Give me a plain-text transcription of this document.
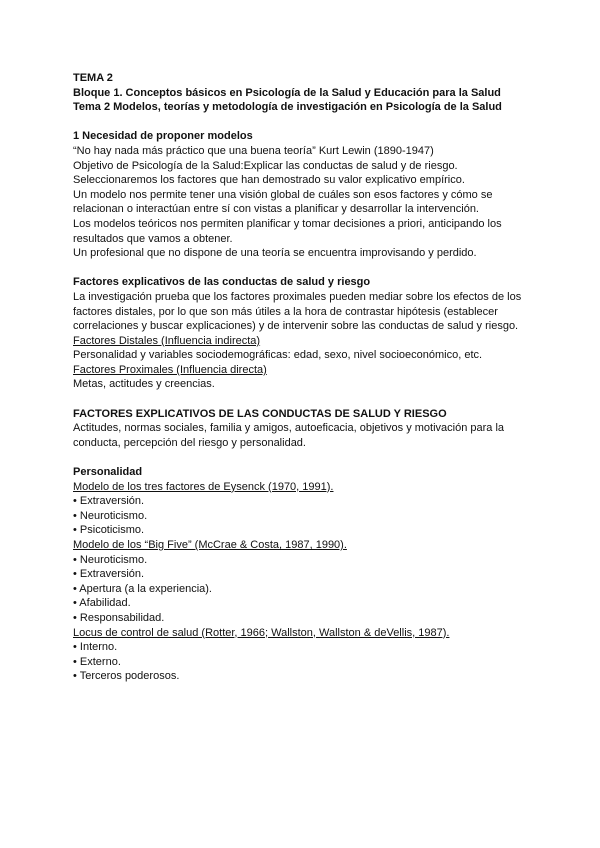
TEMA 2
Bloque 1. Conceptos básicos en Psicología de la Salud y Educación para la Salud
Tema 2 Modelos, teorías y metodología de investigación en Psicología de la Salud
1 Necesidad de proponer modelos
“No hay nada más práctico que una buena teoría” Kurt Lewin (1890-1947)
Objetivo de Psicología de la Salud:Explicar las conductas de salud y de riesgo.
Seleccionaremos los factores que han demostrado su valor explicativo empírico.
Un modelo nos permite tener una visión global de cuáles son esos factores y cómo se
relacionan o interactúan entre sí con vistas a planificar y desarrollar la intervención.
Los modelos teóricos nos permiten planificar y tomar decisiones a priori, anticipando los
resultados que vamos a obtener.
Un profesional que no dispone de una teoría se encuentra improvisando y perdido.
Factores explicativos de las conductas de salud y riesgo
La investigación prueba que los factores proximales pueden mediar sobre los efectos de los
factores distales, por lo que son más útiles a la hora de contrastar hipótesis (establecer
correlaciones y buscar explicaciones) y de intervenir sobre las conductas de salud y riesgo.
Factores Distales (Influencia indirecta)
Personalidad y variables sociodemográficas: edad, sexo, nivel socioeconómico, etc.
Factores Proximales (Influencia directa)
Metas, actitudes y creencias.
FACTORES EXPLICATIVOS DE LAS CONDUCTAS DE SALUD Y RIESGO
Actitudes, normas sociales, familia y amigos, autoeficacia, objetivos y motivación para la
conducta, percepción del riesgo y personalidad.
Personalidad
Modelo de los tres factores de Eysenck (1970, 1991).
• Extraversión.
• Neuroticismo.
• Psicoticismo.
Modelo de los “Big Five” (McCrae & Costa, 1987, 1990).
• Neuroticismo.
• Extraversión.
• Apertura (a la experiencia).
• Afabilidad.
• Responsabilidad.
Locus de control de salud (Rotter, 1966; Wallston, Wallston & deVellis, 1987).
• Interno.
• Externo.
• Terceros poderosos.
